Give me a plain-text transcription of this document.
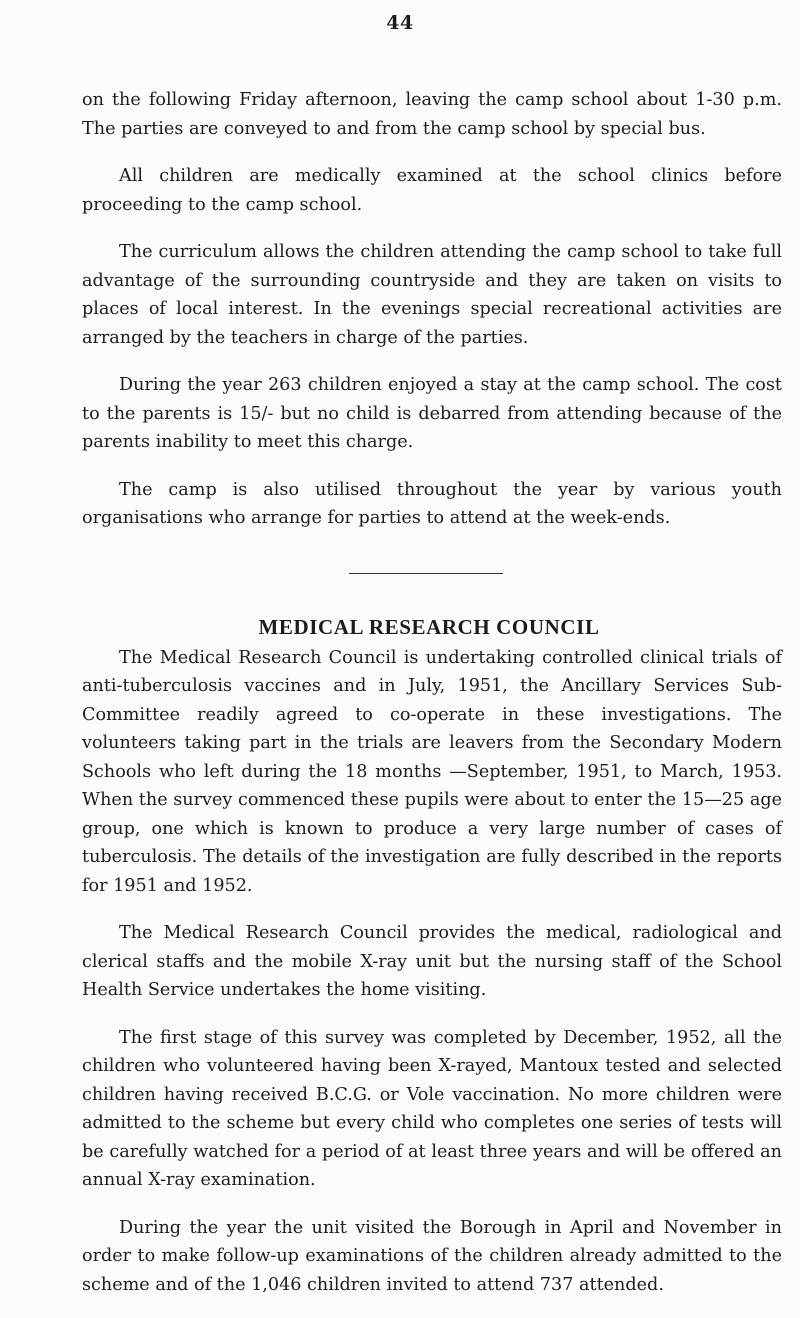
44

on the following Friday afternoon, leaving the camp school about 1-30 p.m. The parties are conveyed to and from the camp school by special bus.

All children are medically examined at the school clinics before proceeding to the camp school.

The curriculum allows the children attending the camp school to take full advantage of the surrounding countryside and they are taken on visits to places of local interest. In the evenings special recreational activities are arranged by the teachers in charge of the parties.

During the year 263 children enjoyed a stay at the camp school. The cost to the parents is 15/- but no child is debarred from attending because of the parents inability to meet this charge.

The camp is also utilised throughout the year by various youth organisations who arrange for parties to attend at the week-ends.

MEDICAL RESEARCH COUNCIL

The Medical Research Council is undertaking controlled clinical trials of anti-tuberculosis vaccines and in July, 1951, the Ancillary Services Sub-Committee readily agreed to co-operate in these investigations. The volunteers taking part in the trials are leavers from the Secondary Modern Schools who left during the 18 months —September, 1951, to March, 1953. When the survey commenced these pupils were about to enter the 15—25 age group, one which is known to produce a very large number of cases of tuberculosis. The details of the investigation are fully described in the reports for 1951 and 1952.

The Medical Research Council provides the medical, radiological and clerical staffs and the mobile X-ray unit but the nursing staff of the School Health Service undertakes the home visiting.

The first stage of this survey was completed by December, 1952, all the children who volunteered having been X-rayed, Mantoux tested and selected children having received B.C.G. or Vole vaccination. No more children were admitted to the scheme but every child who completes one series of tests will be carefully watched for a period of at least three years and will be offered an annual X-ray examination.

During the year the unit visited the Borough in April and November in order to make follow-up examinations of the children already admitted to the scheme and of the 1,046 children invited to attend 737 attended.
